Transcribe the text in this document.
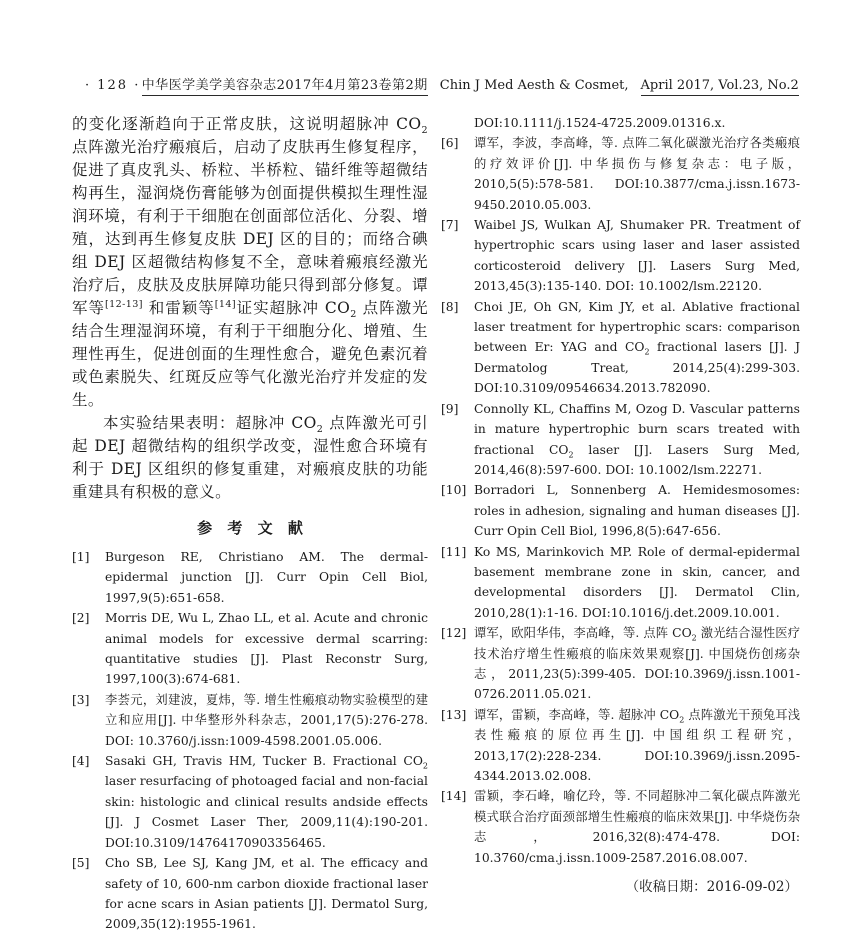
· 128 · 中华医学美学美容杂志2017年4月第23卷第2期 Chin J Med Aesth & Cosmet, April 2017, Vol.23, No.2

的变化逐渐趋向于正常皮肤，这说明超脉冲 $CO_2$ 点阵激光治疗瘢痕后，启动了皮肤再生修复程序，促进了真皮乳头、桥粒、半桥粒、锚纤维等超微结构再生，湿润烧伤膏能够为创面提供模拟生理性湿润环境，有利于干细胞在创面部位活化、分裂、增殖，达到再生修复皮肤 DEJ 区的目的；而络合碘组 DEJ 区超微结构修复不全，意味着瘢痕经激光治疗后，皮肤及皮肤屏障功能只得到部分修复。谭军等[12-13] 和雷颖等[14]证实超脉冲 $CO_2$ 点阵激光结合生理湿润环境，有利于干细胞分化、增殖、生理性再生，促进创面的生理性愈合，避免色素沉着或色素脱失、红斑反应等气化激光治疗并发症的发生。

本实验结果表明：超脉冲 $CO_2$ 点阵激光可引起 DEJ 超微结构的组织学改变，湿性愈合环境有利于 DEJ 区组织的修复重建，对瘢痕皮肤的功能重建具有积极的意义。

参 考 文 献
[1]	Burgeson RE, Christiano AM. The dermal-epidermal junction [J]. Curr Opin Cell Biol, 1997,9(5):651-658.
[2]	Morris DE, Wu L, Zhao LL, et al. Acute and chronic animal models for excessive dermal scarring: quantitative studies [J]. Plast Reconstr Surg, 1997,100(3):674-681.
[3]	李荟元，刘建波，夏炜，等. 增生性瘢痕动物实验模型的建立和应用[J]. 中华整形外科杂志，2001,17(5):276-278. DOI: 10.3760/j.issn:1009-4598.2001.05.006.
[4]	Sasaki GH, Travis HM, Tucker B. Fractional $CO_2$ laser resurfacing of photoaged facial and non-facial skin: histologic and clinical results andside effects [J]. J Cosmet Laser Ther, 2009,11(4):190-201. DOI:10.3109/14764170903356465.
[5]	Cho SB, Lee SJ, Kang JM, et al. The efficacy and safety of 10, 600-nm carbon dioxide fractional laser for acne scars in Asian patients [J]. Dermatol Surg, 2009,35(12):1955-1961.
DOI:10.1111/j.1524-4725.2009.01316.x.
[6]	谭军，李波，李高峰，等. 点阵二氧化碳激光治疗各类瘢痕的疗效评价[J]. 中华损伤与修复杂志：电子版，2010,5(5):578-581. DOI:10.3877/cma.j.issn.1673-9450.2010.05.003.
[7]	Waibel JS, Wulkan AJ, Shumaker PR. Treatment of hypertrophic scars using laser and laser assisted corticosteroid delivery [J]. Lasers Surg Med, 2013,45(3):135-140. DOI: 10.1002/lsm.22120.
[8]	Choi JE, Oh GN, Kim JY, et al. Ablative fractional laser treatment for hypertrophic scars: comparison between Er: YAG and $CO_2$ fractional lasers [J]. J Dermatolog Treat, 2014,25(4):299-303. DOI:10.3109/09546634.2013.782090.
[9]	Connolly KL, Chaffins M, Ozog D. Vascular patterns in mature hypertrophic burn scars treated with fractional $CO_2$ laser [J]. Lasers Surg Med, 2014,46(8):597-600. DOI: 10.1002/lsm.22271.
[10] Borradori L, Sonnenberg A. Hemidesmosomes: roles in adhesion, signaling and human diseases [J]. Curr Opin Cell Biol, 1996,8(5):647-656.
[11] Ko MS, Marinkovich MP. Role of dermal-epidermal basement membrane zone in skin, cancer, and developmental disorders [J]. Dermatol Clin, 2010,28(1):1-16. DOI:10.1016/j.det.2009.10.001.
[12] 谭军，欧阳华伟，李高峰，等. 点阵 $CO_2$ 激光结合湿性医疗技术治疗增生性瘢痕的临床效果观察[J]. 中国烧伤创疡杂志，2011,23(5):399-405. DOI:10.3969/j.issn.1001-0726.2011.05.021.
[13] 谭军，雷颖，李高峰，等. 超脉冲 $CO_2$ 点阵激光干预兔耳浅表性瘢痕的原位再生[J]. 中国组织工程研究，2013,17(2):228-234. DOI:10.3969/j.issn.2095-4344.2013.02.008.
[14] 雷颖，李石峰，喻亿玲，等. 不同超脉冲二氧化碳点阵激光模式联合治疗面颈部增生性瘢痕的临床效果[J]. 中华烧伤杂志，2016,32(8):474-478. DOI: 10.3760/cma.j.issn.1009-2587.2016.08.007.
（收稿日期：2016-09-02）
